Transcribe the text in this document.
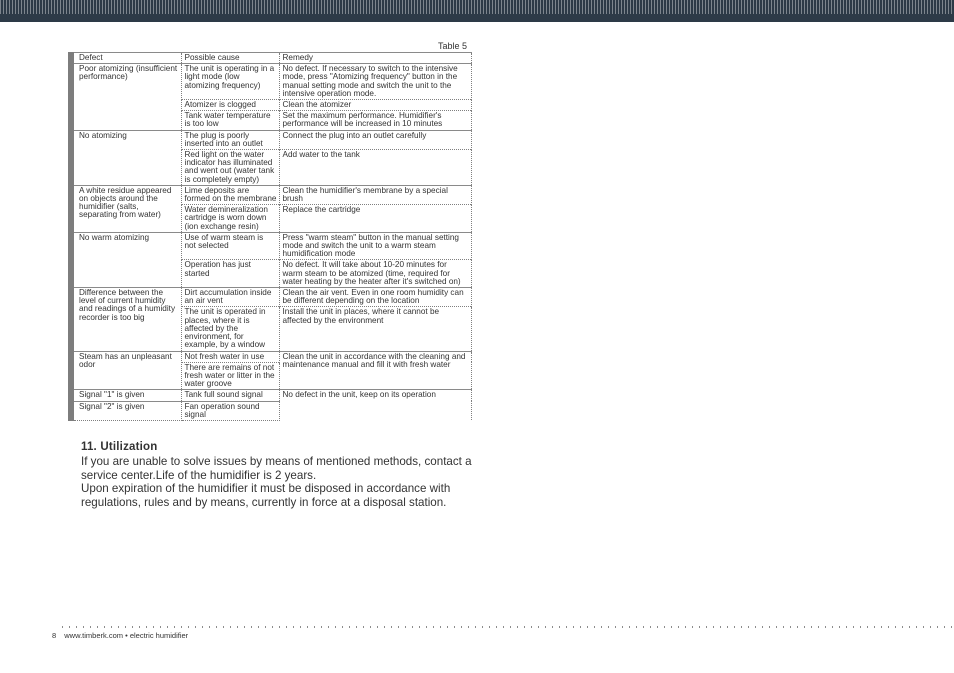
Table 5
Defect	Possible cause	Remedy
Poor atomizing (insufficient performance)	The unit is operating in a light mode (low atomizing frequency)	No defect. If necessary to switch to the intensive mode, press "Atomizing frequency" button in the manual setting mode and switch the unit to the intensive operation mode.
	Atomizer is clogged	Clean the atomizer
	Tank water temperature is too low	Set the maximum performance. Humidifier's performance will be increased in 10 minutes
No atomizing	The plug is poorly inserted into an outlet	Connect the plug into an outlet carefully
	Red light on the water indicator has illuminated and went out (water tank is completely empty)	Add water to the tank
A white residue appeared on objects around the humidifier (salts, separating from water)	Lime deposits are formed on the membrane	Clean the humidifier's membrane by a special brush
	Water demineralization cartridge is worn down (ion exchange resin)	Replace the cartridge
No warm atomizing	Use of warm steam is not selected	Press "warm steam" button in the manual setting mode and switch the unit to a warm steam humidification mode
	Operation has just started	No defect. It will take about 10-20 minutes for warm steam to be atomized (time, required for water heating by the heater after it's switched on)
Difference between the level of current humidity and readings of a humidity recorder is too big	Dirt accumulation inside an air vent	Clean the air vent. Even in one room humidity can be different depending on the location
	The unit is operated in places, where it is affected by the environment, for example, by a window	Install the unit in places, where it cannot be affected by the environment
Steam has an unpleasant odor	Not fresh water in use	Clean the unit in accordance with the cleaning and maintenance manual and fill it with fresh water
	There are remains of not fresh water or litter in the water groove	
Signal "1" is given	Tank full sound signal	No defect in the unit, keep on its operation
Signal "2" is given	Fan operation sound signal	
11. Utilization

If you are unable to solve issues by means of mentioned methods, contact a service center.Life of the humidifier is 2 years.

Upon expiration of the humidifier it must be disposed in accordance with regulations, rules and by means, currently in force at a disposal station.

8 www.timberk.com • electric humidifier
